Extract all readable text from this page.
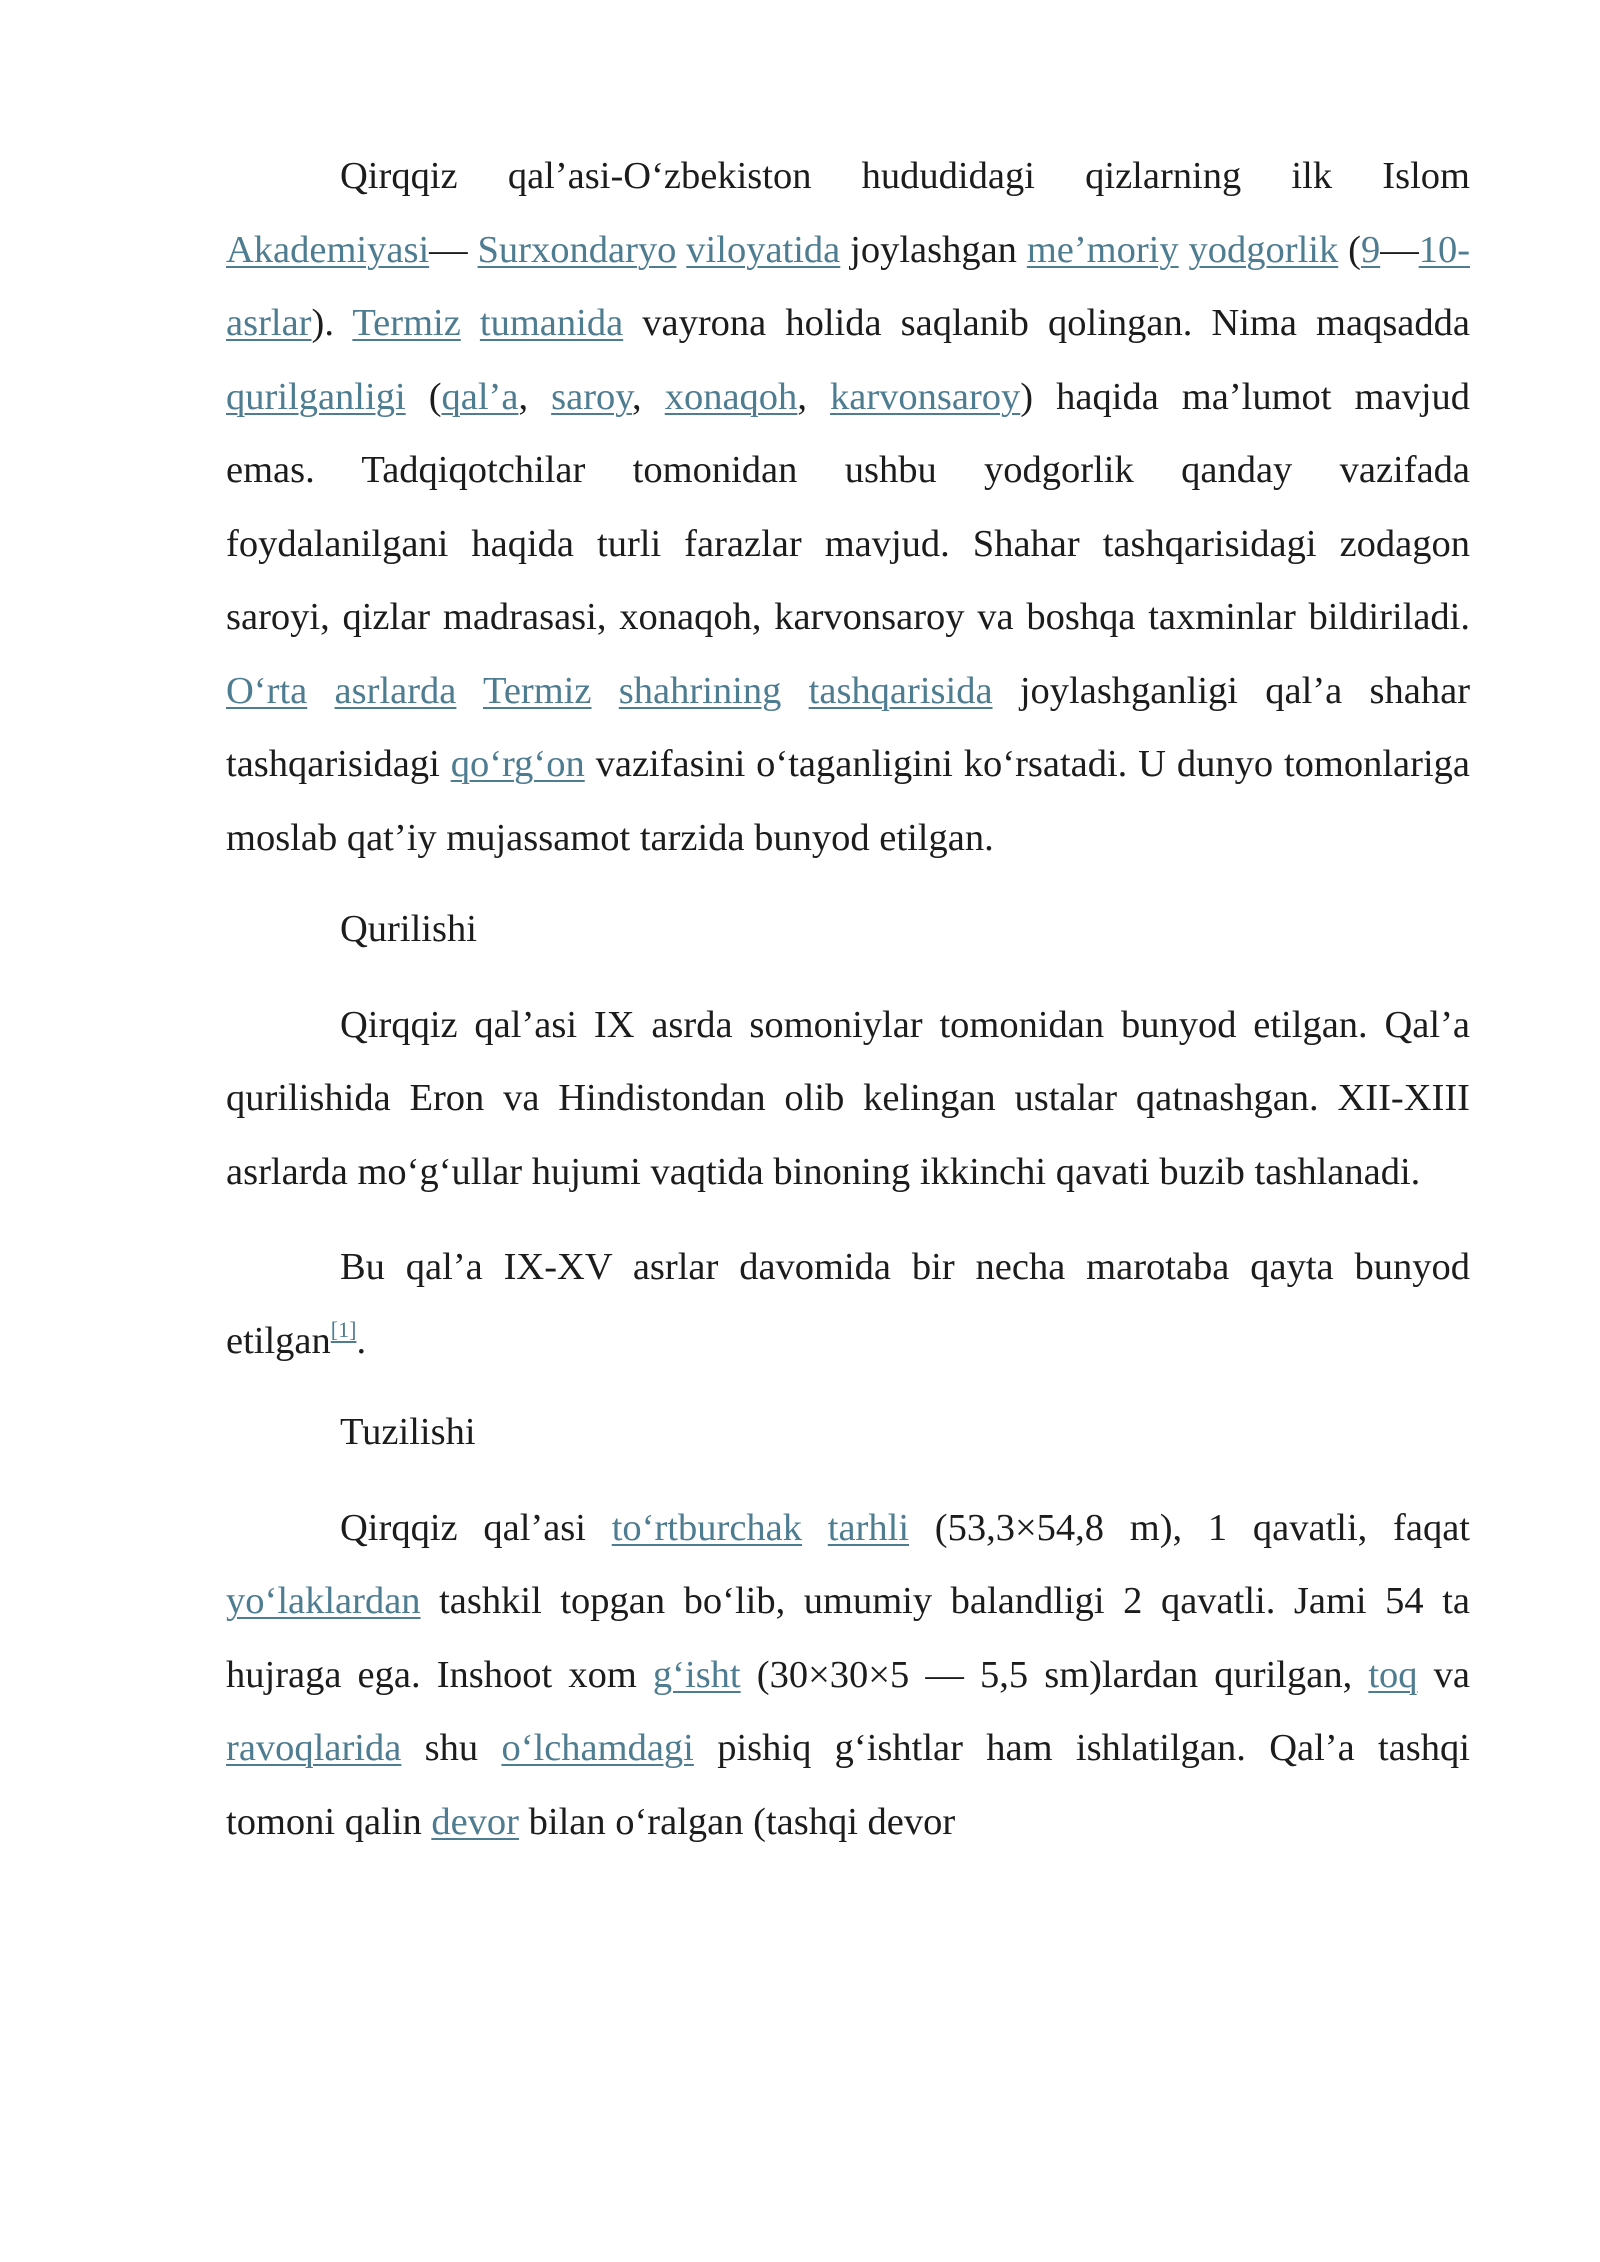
Qirqqiz qal’asi-O‘zbekiston hududidagi qizlarning ilk Islom Akademiyasi— Surxondaryo viloyatida joylashgan me’moriy yodgorlik (9—10-asrlar). Termiz tumanida vayrona holida saqlanib qolingan. Nima maqsadda qurilganligi (qal’a, saroy, xonaqoh, karvonsaroy) haqida ma’lumot mavjud emas. Tadqiqotchilar tomonidan ushbu yodgorlik qanday vazifada foydalanilgani haqida turli farazlar mavjud. Shahar tashqarisidagi zodagon saroyi, qizlar madrasasi, xonaqoh, karvonsaroy va boshqa taxminlar bildiriladi. O‘rta asrlarda Termiz shahrining tashqarisida joylashganligi qal’a shahar tashqarisidagi qo‘rg‘on vazifasini o‘taganligini ko‘rsatadi. U dunyo tomonlariga moslab qat’iy mujassamot tarzida bunyod etilgan.

Qurilishi

Qirqqiz qal’asi IX asrda somoniylar tomonidan bunyod etilgan. Qal’a qurilishida Eron va Hindistondan olib kelingan ustalar qatnashgan. XII-XIII asrlarda mo‘g‘ullar hujumi vaqtida binoning ikkinchi qavati buzib tashlanadi.

Bu qal’a IX-XV asrlar davomida bir necha marotaba qayta bunyod etilgan[1].

Tuzilishi

Qirqqiz qal’asi to‘rtburchak tarhli (53,3×54,8 m), 1 qavatli, faqat yo‘laklardan tashkil topgan bo‘lib, umumiy balandligi 2 qavatli. Jami 54 ta hujraga ega. Inshoot xom g‘isht (30×30×5 — 5,5 sm)lardan qurilgan, toq va ravoqlarida shu o‘lchamdagi pishiq g‘ishtlar ham ishlatilgan. Qal’a tashqi tomoni qalin devor bilan o‘ralgan (tashqi devor
